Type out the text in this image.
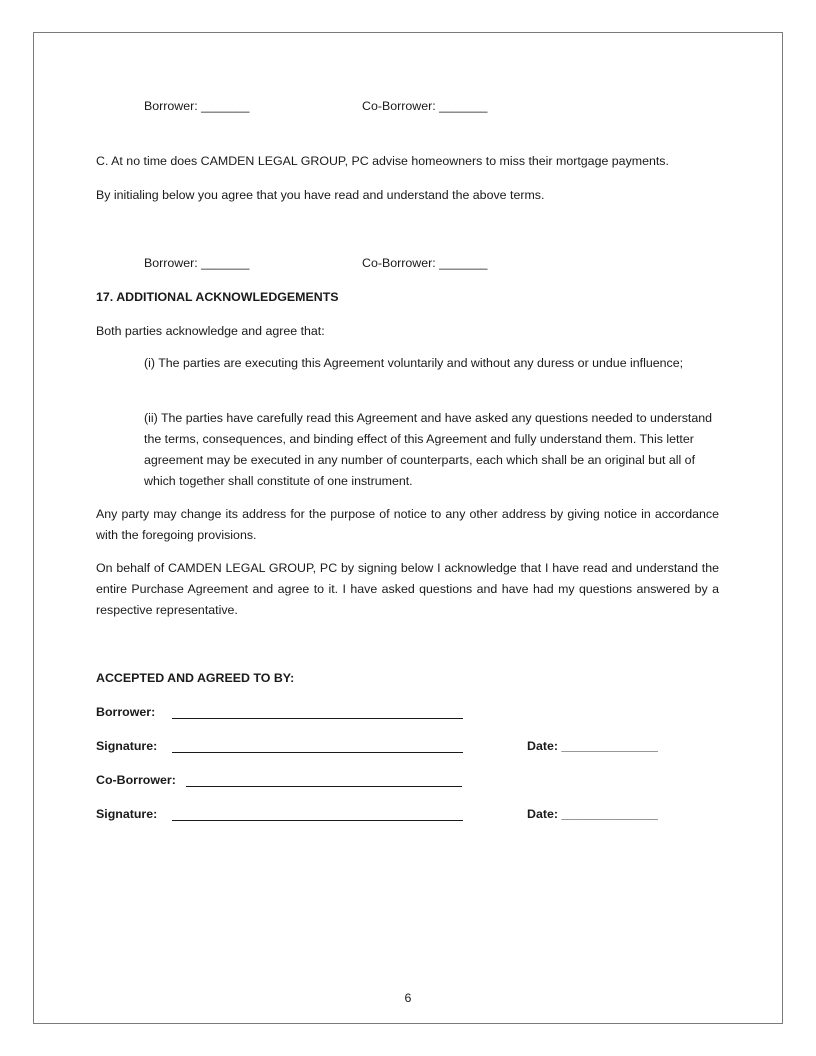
Borrower: _______	Co-Borrower: _______
C. At no time does CAMDEN LEGAL GROUP, PC advise homeowners to miss their mortgage payments.
By initialing below you agree that you have read and understand the above terms.
Borrower: _______	Co-Borrower: _______
17. ADDITIONAL ACKNOWLEDGEMENTS
Both parties acknowledge and agree that:
(i) The parties are executing this Agreement voluntarily and without any duress or undue influence;
(ii) The parties have carefully read this Agreement and have asked any questions needed to understand the terms, consequences, and binding effect of this Agreement and fully understand them. This letter agreement may be executed in any number of counterparts, each which shall be an original but all of which together shall constitute of one instrument.
Any party may change its address for the purpose of notice to any other address by giving notice in accordance with the foregoing provisions.
On behalf of CAMDEN LEGAL GROUP, PC by signing below I acknowledge that I have read and understand the entire Purchase Agreement and agree to it. I have asked questions and have had my questions answered by a respective representative.
ACCEPTED AND AGREED TO BY:
Borrower:
Signature:	Date: ______________
Co-Borrower:
Signature:	Date: ______________
6
